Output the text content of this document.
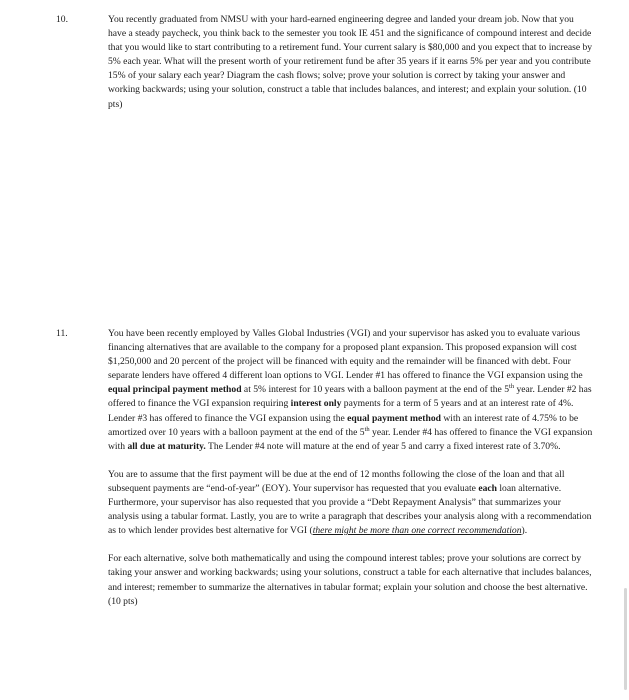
10.	You recently graduated from NMSU with your hard-earned engineering degree and landed your dream job. Now that you have a steady paycheck, you think back to the semester you took IE 451 and the significance of compound interest and decide that you would like to start contributing to a retirement fund. Your current salary is $80,000 and you expect that to increase by 5% each year. What will the present worth of your retirement fund be after 35 years if it earns 5% per year and you contribute 15% of your salary each year? Diagram the cash flows; solve; prove your solution is correct by taking your answer and working backwards; using your solution, construct a table that includes balances, and interest; and explain your solution. (10 pts)

11.	You have been recently employed by Valles Global Industries (VGI) and your supervisor has asked you to evaluate various financing alternatives that are available to the company for a proposed plant expansion. This proposed expansion will cost $1,250,000 and 20 percent of the project will be financed with equity and the remainder will be financed with debt. Four separate lenders have offered 4 different loan options to VGI. Lender #1 has offered to finance the VGI expansion using the equal principal payment method at 5% interest for 10 years with a balloon payment at the end of the 5th year. Lender #2 has offered to finance the VGI expansion requiring interest only payments for a term of 5 years and at an interest rate of 4%. Lender #3 has offered to finance the VGI expansion using the equal payment method with an interest rate of 4.75% to be amortized over 10 years with a balloon payment at the end of the 5th year. Lender #4 has offered to finance the VGI expansion with all due at maturity. The Lender #4 note will mature at the end of year 5 and carry a fixed interest rate of 3.70%.

You are to assume that the first payment will be due at the end of 12 months following the close of the loan and that all subsequent payments are “end-of-year” (EOY). Your supervisor has requested that you evaluate each loan alternative. Furthermore, your supervisor has also requested that you provide a “Debt Repayment Analysis” that summarizes your analysis using a tabular format. Lastly, you are to write a paragraph that describes your analysis along with a recommendation as to which lender provides best alternative for VGI (there might be more than one correct recommendation).

For each alternative, solve both mathematically and using the compound interest tables; prove your solutions are correct by taking your answer and working backwards; using your solutions, construct a table for each alternative that includes balances, and interest; remember to summarize the alternatives in tabular format; explain your solution and choose the best alternative. (10 pts)
